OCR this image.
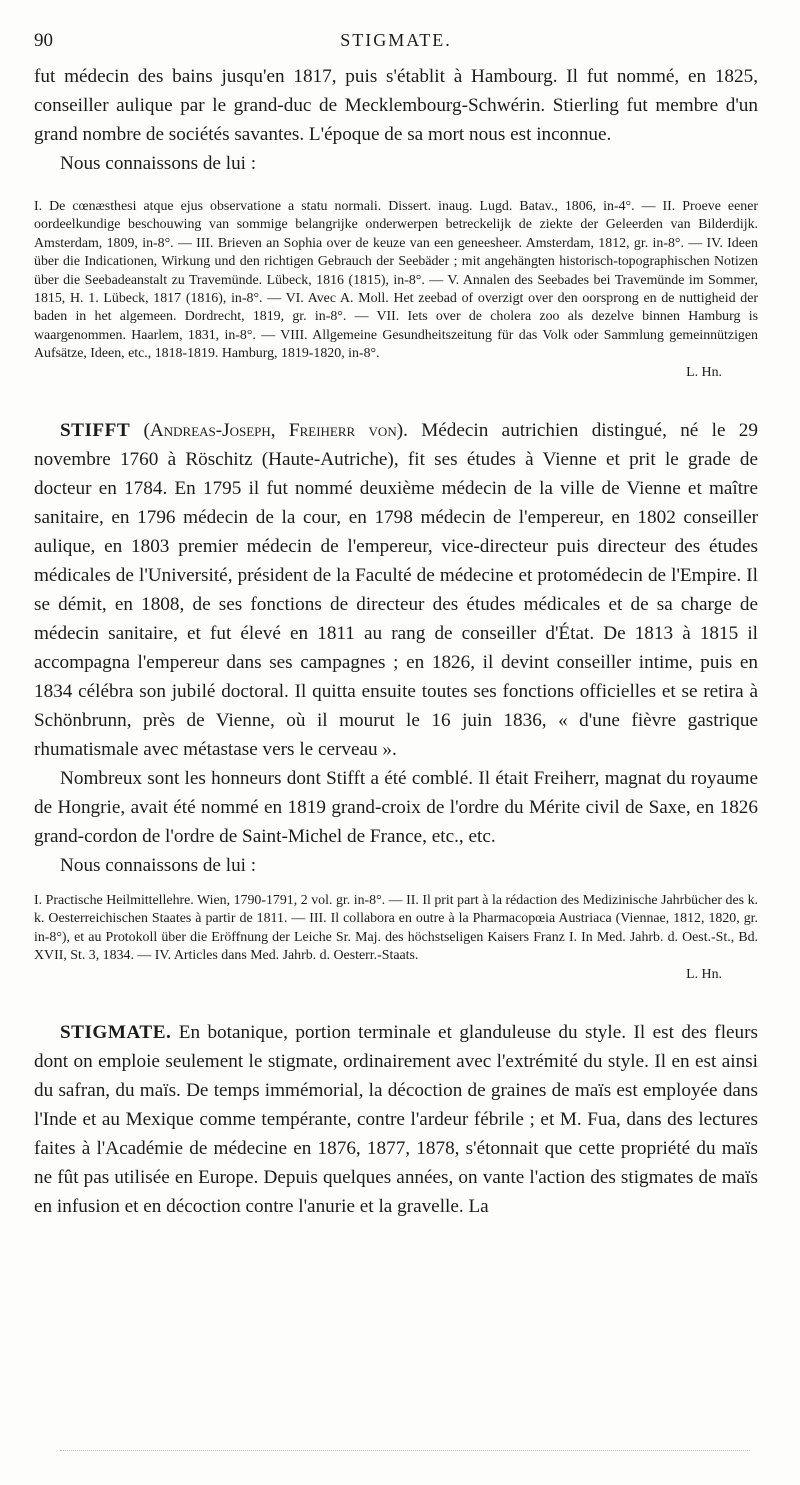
90	STIGMATE.

fut médecin des bains jusqu'en 1817, puis s'établit à Hambourg. Il fut nommé, en 1825, conseiller aulique par le grand-duc de Mecklembourg-Schwérin. Stierling fut membre d'un grand nombre de sociétés savantes. L'époque de sa mort nous est inconnue.

Nous connaissons de lui :

I. De cœnæsthesi atque ejus observatione a statu normali. Dissert. inaug. Lugd. Batav., 1806, in-4°. — II. Proeve eener oordeelkundige beschouwing van sommige belangrijke onderwerpen betreckelijk de ziekte der Geleerden van Bilderdijk. Amsterdam, 1809, in-8°. — III. Brieven an Sophia over de keuze van een geneesheer. Amsterdam, 1812, gr. in-8°. — IV. Ideen über die Indicationen, Wirkung und den richtigen Gebrauch der Seebäder ; mit angehängten historisch-topographischen Notizen über die Seebadeanstalt zu Travemünde. Lübeck, 1816 (1815), in-8°. — V. Annalen des Seebades bei Travemünde im Sommer, 1815, H. 1. Lübeck, 1817 (1816), in-8°. — VI. Avec A. Moll. Het zeebad of overzigt over den oorsprong en de nuttigheid der baden in het algemeen. Dordrecht, 1819, gr. in-8°. — VII. Iets over de cholera zoo als dezelve binnen Hamburg is waargenommen. Haarlem, 1831, in-8°. — VIII. Allgemeine Gesundheitszeitung für das Volk oder Sammlung gemeinnützigen Aufsätze, Ideen, etc., 1818-1819. Hamburg, 1819-1820, in-8°.
L. Hn.

STIFFT (Andreas-Joseph, Freiherr von). Médecin autrichien distingué, né le 29 novembre 1760 à Röschitz (Haute-Autriche), fit ses études à Vienne et prit le grade de docteur en 1784. En 1795 il fut nommé deuxième médecin de la ville de Vienne et maître sanitaire, en 1796 médecin de la cour, en 1798 médecin de l'empereur, en 1802 conseiller aulique, en 1803 premier médecin de l'empereur, vice-directeur puis directeur des études médicales de l'Université, président de la Faculté de médecine et protomédecin de l'Empire. Il se démit, en 1808, de ses fonctions de directeur des études médicales et de sa charge de médecin sanitaire, et fut élevé en 1811 au rang de conseiller d'État. De 1813 à 1815 il accompagna l'empereur dans ses campagnes ; en 1826, il devint conseiller intime, puis en 1834 célébra son jubilé doctoral. Il quitta ensuite toutes ses fonctions officielles et se retira à Schönbrunn, près de Vienne, où il mourut le 16 juin 1836, « d'une fièvre gastrique rhumatismale avec métastase vers le cerveau ».

Nombreux sont les honneurs dont Stifft a été comblé. Il était Freiherr, magnat du royaume de Hongrie, avait été nommé en 1819 grand-croix de l'ordre du Mérite civil de Saxe, en 1826 grand-cordon de l'ordre de Saint-Michel de France, etc., etc.

Nous connaissons de lui :

I. Practische Heilmittellehre. Wien, 1790-1791, 2 vol. gr. in-8°. — II. Il prit part à la rédaction des Medizinische Jahrbücher des k. k. Oesterreichischen Staates à partir de 1811. — III. Il collabora en outre à la Pharmacopœia Austriaca (Viennae, 1812, 1820, gr. in-8°), et au Protokoll über die Eröffnung der Leiche Sr. Maj. des höchstseligen Kaisers Franz I. In Med. Jahrb. d. Oest.-St., Bd. XVII, St. 3, 1834. — IV. Articles dans Med. Jahrb. d. Oesterr.-Staats.
L. Hn.

STIGMATE. En botanique, portion terminale et glanduleuse du style. Il est des fleurs dont on emploie seulement le stigmate, ordinairement avec l'extrémité du style. Il en est ainsi du safran, du maïs. De temps immémorial, la décoction de graines de maïs est employée dans l'Inde et au Mexique comme tempérante, contre l'ardeur fébrile ; et M. Fua, dans des lectures faites à l'Académie de médecine en 1876, 1877, 1878, s'étonnait que cette propriété du maïs ne fût pas utilisée en Europe. Depuis quelques années, on vante l'action des stigmates de maïs en infusion et en décoction contre l'anurie et la gravelle. La
